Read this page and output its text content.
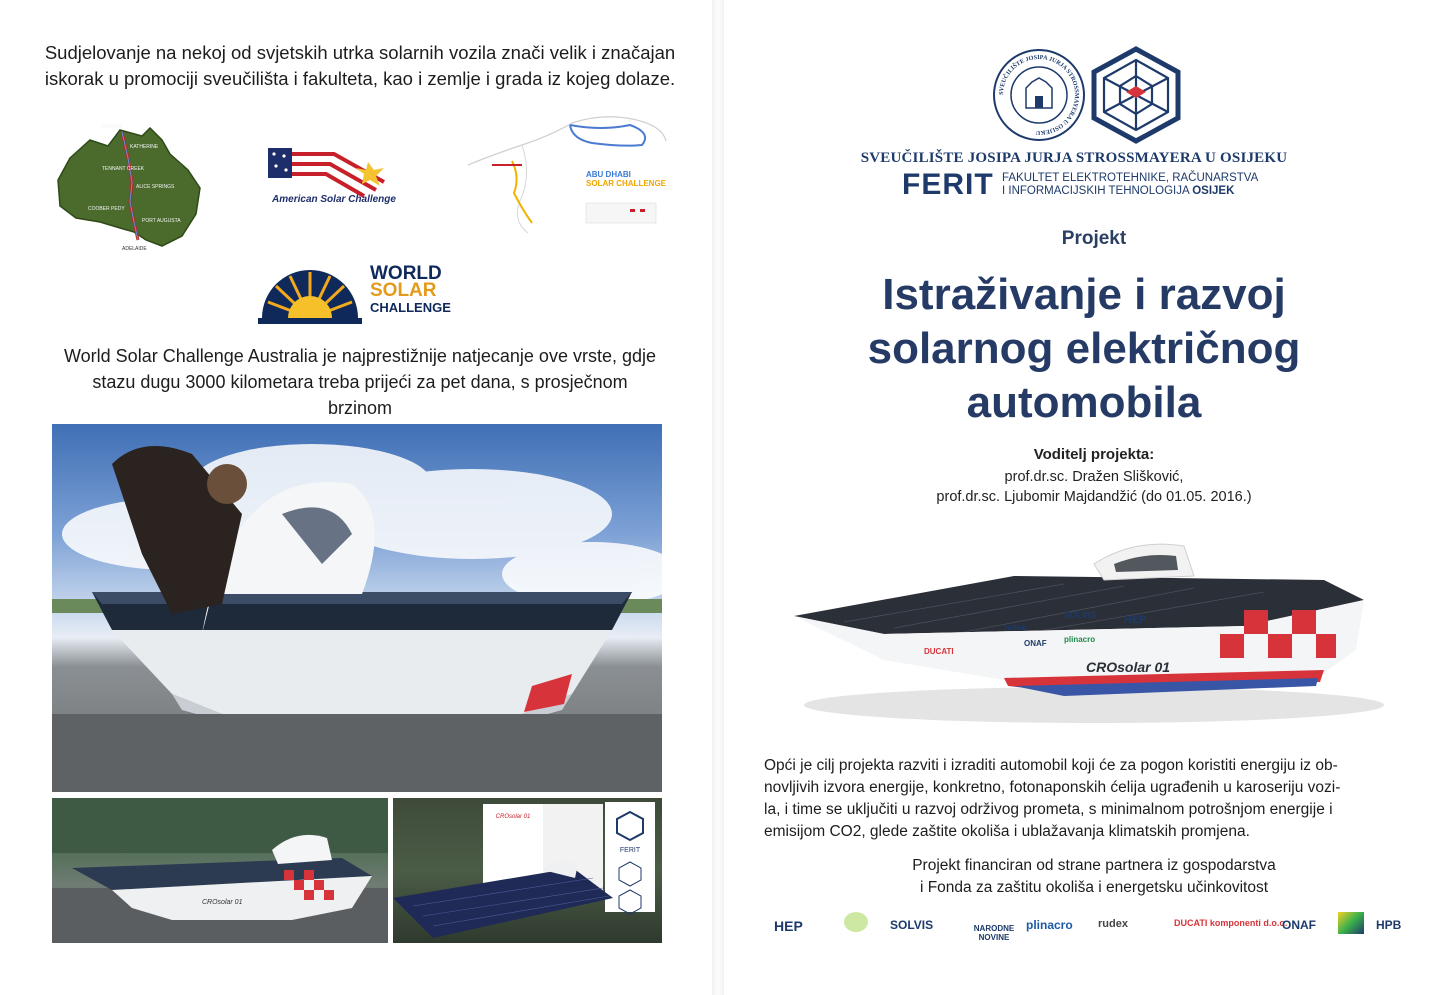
Sudjelovanje na nekoj od svjetskih utrka solarnih vozila znači velik i značajan
iskorak u promociji sveučilišta i fakulteta, kao i zemlje i grada iz kojeg dolaze.
DARWIN
KATHERINE
TENNANT CREEK
ALICE SPRINGS
COOBER PEDY
PORT AUGUSTA
ADELAIDE
American Solar Challenge
ABU DHABI
SOLAR CHALLENGE
WORLD
SOLAR
CHALLENGE
World Solar Challenge Australia je najprestižnije natjecanje ove vrste, gdje
stazu dugu 3000 kilometara treba prijeći za pet dana, s prosječnom brzinom
CROsolar 01
CROsolar 01
FERIT
SVEUČILIŠTE JOSIPA JURJA STROSSMAYERA U OSIJEKU
SVEUČILIŠTE JOSIPA JURJA STROSSMAYERA U OSIJEKU
FERIT FAKULTET ELEKTROTEHNIKE, RAČUNARSTVA
I INFORMACIJSKIH TEHNOLOGIJA OSIJEK
Projekt
Istraživanje i razvoj
solarnog električnog
automobila
Voditelj projekta:
prof.dr.sc. Dražen Slišković,
prof.dr.sc. Ljubomir Majdandžić (do 01.05. 2016.)
CROsolar 01
HEP
SOLVIS
rudex
plinacro
ONAF
DUCATI
Opći je cilj projekta razviti i izraditi automobil koji će za pogon koristiti energiju iz ob-
novljivih izvora energije, konkretno, fotonaponskih ćelija ugrađenih u karoseriju vozi-
la, i time se uključiti u razvoj održivog prometa, s minimalnom potrošnjom energije i
emisijom CO2, glede zaštite okoliša i ublažavanja klimatskih promjena.
Projekt financiran od strane partnera iz gospodarstva
i Fonda za zaštitu okoliša i energetsku učinkovitost
HEP	SOLVIS	NARODNE NOVINE
plinacro rudex	DUCATI komponenti d.o.o.
ONAF	HPB
